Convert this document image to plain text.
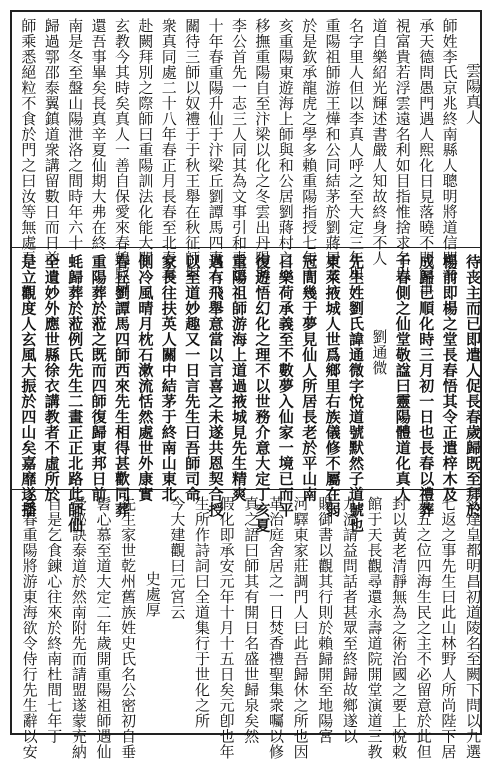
雲陽真人
師姓李氏京兆終南縣人聰明將道信問海
承天德問愚門遇人熙化日見落曉不問家事
視富貴若浮雲遠名利如目指惟捨求名以
道自樂紹光輝述書嚴人知故終身不人
名字里人但以李真人呼之至大定三年與
重陽祖師游王燁和公同結茅於劉蔣居之
於是欽承龍虎之學多賴重陽指授七年丁
亥重陽東遊海上師與和公居劉蔣村之
移撫重陽自至汴梁以化之冬雲出丹陽與
李公首先一志三人同其為文事引和喪送
十年春重陽升仙于汴梁丘劉譚馬四真人
關待三師以奴禮于于秋王舉在秋征師與
衆真同處二十八年春正月長春至北春秦
赴闕拜別之際師曰重陽訓法化能大開
玄教今其時矣真人一善自保愛來春鶴馭早
還吾事畢矣長真辛夏仙期大弗在終
南是冬至盤山陽泄洛之間時年六十
歸過鄠邵泰翼鎮道衆講留數日而日前
師乘悉絕粒不食於門之曰汝等無處吾
待丧主而已即遣人促長春歲歸既至拜於
楊前即楊之堂長春悟其令正遣梓木及
成歸已順化時三月初一日也長春以禮葬
于春側之仙堂敬諡曰靈陽體道化真人
劉通微
先生姓劉氏諱通微字悅道號默然子道號也
東萊掖城人世爲鄉里右族儀修不屬在弱
冠間幾于夢見仙人所居長老於平山南
日樂荷承義至不數夢入仙家一境已而平
復遊悟幻化之理不以世務介意大定丁亥夏
重陽祖師游海上道過掖城見先生精爽
邁有飛舉意當以言喜之未遂共恩契合授
以至道妙趣又一日言先生曰吾師司命
家長往扶英人關中結茅于終南山東北
側冷風晴月枕石漱流恬然處世外康實
春丘劉譚馬四師西來先生相得甚歡同葬
重陽葬於蒞之既而四師復歸東邦日前
蚝歸葬於蒞例氏先生二畫正正北路此師仙
全遺妙外應世縣徐衣講教者不虛所於
是立觀度人玄風大振於四山矣嘉靡遂播
名達皇都明昌初道陵名至闕下問以九選
七返之事先生曰此山林野人所尚陛下居
九五之位四海生民之主不必留意於此但
封以黃老清靜無為之術治國之要上悅敕
館于天長觀尋還永壽道院開堂演道三教
九流請益問話者甚眾至終歸故鄉遂以
賜御書以觀其行則於賴歸開至地陽宮
河驛東家莊調門人曰此吾歸休之所也因
革治庭舍居之一日焚香禮聖集衆囑以修
真之語曰師其有開日名盛世歸泉矣然
假化即承安元年十月十五日矣元卽也年
生所作詩詞曰全道集行于世化之所
今大建觀曰元宮云
史處厚
先生家世乾州舊族姓史氏名公密初自垂
髫心慕至道大定二年歲開重陽祖師遇仙
受秘訣泰道於然南附先而請盟遂蒙充納
自是乞食鍊心往來於終南杜間七年丁
亥春重陽將游東海欲令侍行先生辭以安
